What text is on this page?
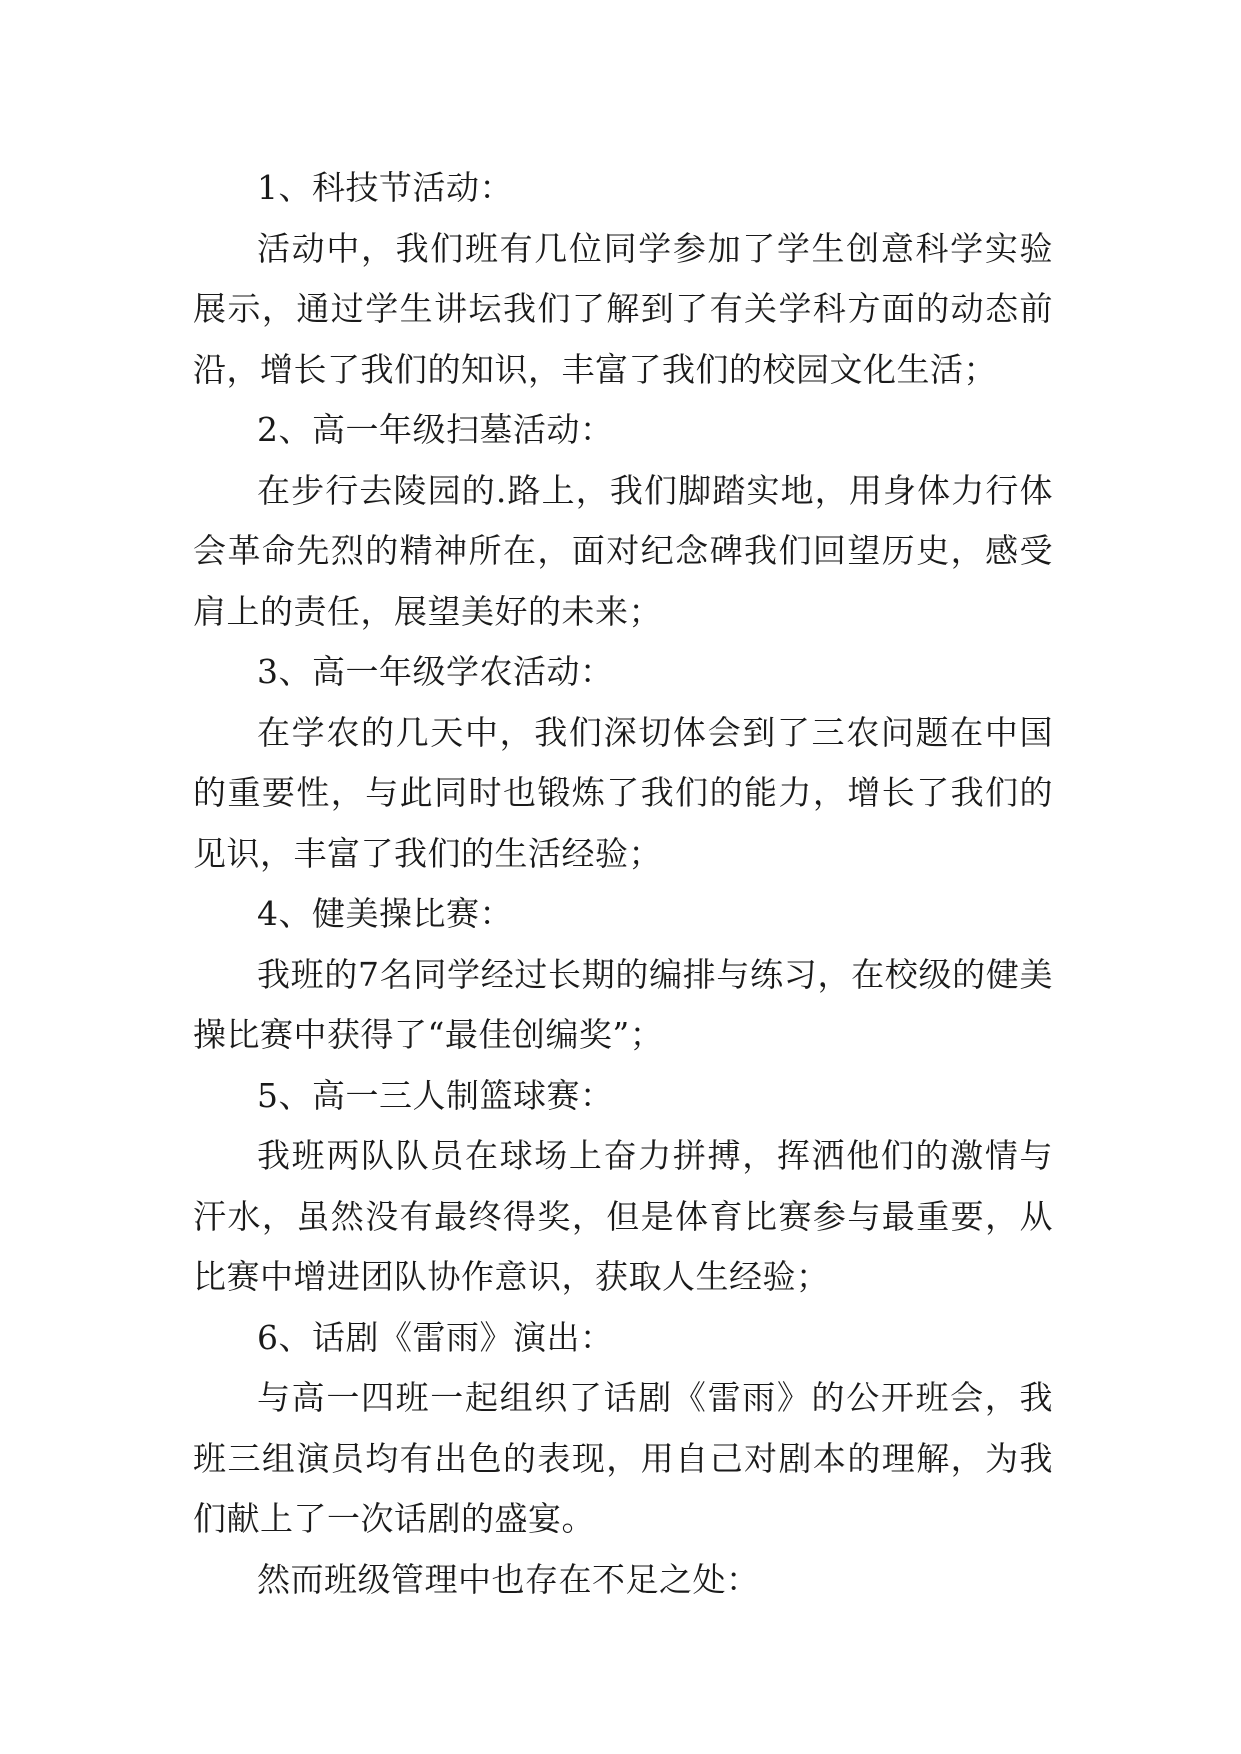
1、科技节活动：

活动中，我们班有几位同学参加了学生创意科学实验展示，通过学生讲坛我们了解到了有关学科方面的动态前沿，增长了我们的知识，丰富了我们的校园文化生活；

2、高一年级扫墓活动：

在步行去陵园的.路上，我们脚踏实地，用身体力行体会革命先烈的精神所在，面对纪念碑我们回望历史，感受肩上的责任，展望美好的未来；

3、高一年级学农活动：

在学农的几天中，我们深切体会到了三农问题在中国的重要性，与此同时也锻炼了我们的能力，增长了我们的见识，丰富了我们的生活经验；

4、健美操比赛：

我班的7名同学经过长期的编排与练习，在校级的健美操比赛中获得了“最佳创编奖”；

5、高一三人制篮球赛：

我班两队队员在球场上奋力拼搏，挥洒他们的激情与汗水，虽然没有最终得奖，但是体育比赛参与最重要，从比赛中增进团队协作意识，获取人生经验；

6、话剧《雷雨》演出：

与高一四班一起组织了话剧《雷雨》的公开班会，我班三组演员均有出色的表现，用自己对剧本的理解，为我们献上了一次话剧的盛宴。

然而班级管理中也存在不足之处：
